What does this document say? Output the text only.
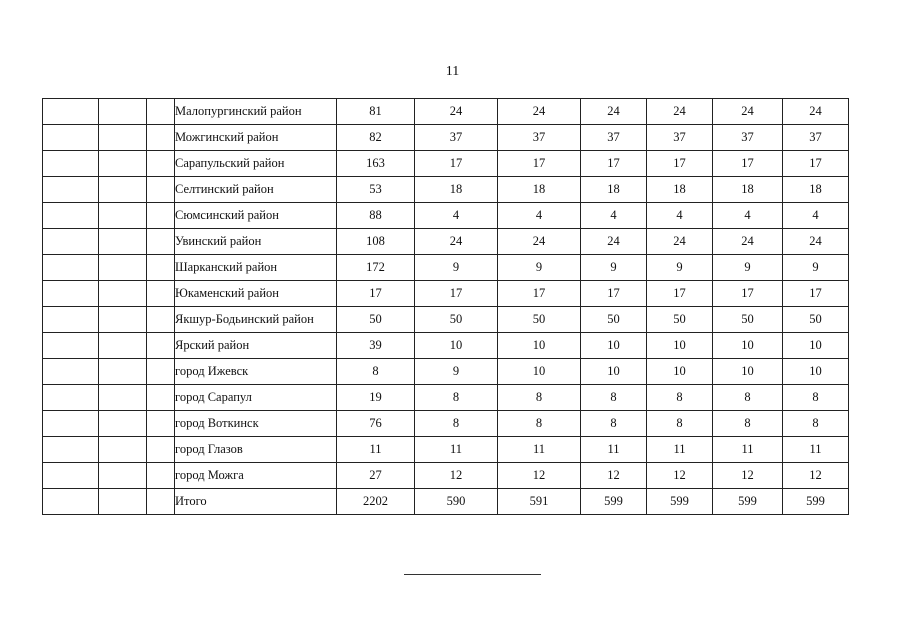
11
			Малопургинский район	81	24	24	24	24	24	24
			Можгинский район	82	37	37	37	37	37	37
			Сарапульский район	163	17	17	17	17	17	17
			Селтинский район	53	18	18	18	18	18	18
			Сюмсинский район	88	4	4	4	4	4	4
			Увинский район	108	24	24	24	24	24	24
			Шарканский район	172	9	9	9	9	9	9
			Юкаменский район	17	17	17	17	17	17	17
			Якшур-Бодьинский район	50	50	50	50	50	50	50
			Ярский район	39	10	10	10	10	10	10
			город Ижевск	8	9	10	10	10	10	10
			город Сарапул	19	8	8	8	8	8	8
			город Воткинск	76	8	8	8	8	8	8
			город Глазов	11	11	11	11	11	11	11
			город Можга	27	12	12	12	12	12	12
			Итого	2202	590	591	599	599	599	599
